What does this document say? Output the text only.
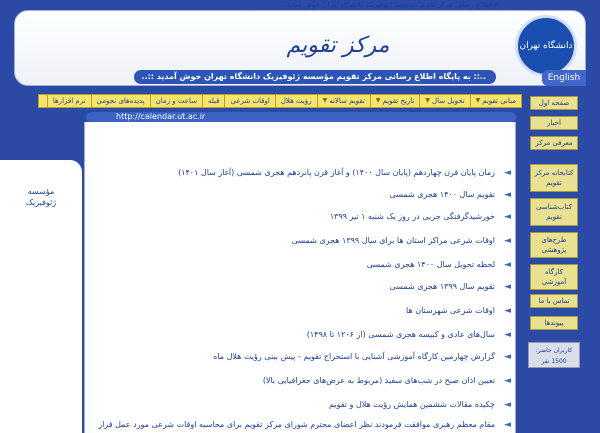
٥ اطلاع رسانی مرکز تقویم مؤسسه ژئوفیزیک دانشگاه تهران خوش آمدید ..
دانشگاه تهران
مرکز تقویم
..:: به پایگاه اطلاع رسانی مرکز تقویم مؤسسه ژئوفیزیک دانشگاه تهران خوش آمدید ::..	English
مبانی تقویم
▼
تحویل سال
▼
تاریخ تقویم
▼
تقویم سالانه
▼
رؤیت هلال
اوقات شرعی
قبله
ساعت و زمان
پدیده‌های نجومی
نرم افزارها
http://calendar.ut.ac.ir
◄
زمان پایان قرن چهاردهم (پایان سال ۱۴۰۰) و آغاز قرن پانزدهم هجری شمسی (آغاز سال ۱۴۰۱)
◄
تقویم سال ۱۴۰۰ هجری شمسی
◄
خورشیدگرفتگی جزیی در روز یک شنبه ۱ تیر ۱۳۹۹
◄
اوقات شرعی مراکز استان ها برای سال ۱۳۹۹ هجری شمسی
◄
لحظه تحویل سال ۱۴۰۰ هجری شمسی
◄
تقویم سال ۱۳۹۹ هجری شمسی
◄
اوقات شرعی شهرستان ها
◄
سال‌های عادی و کبیسه هجری شمسی (از ۱۲۰۶ تا ۱۴۹۸)
◄
گزارش چهارمین کارگاه آموزشی آشنایی با استخراج تقویم - پیش بینی رؤیت هلال ماه
◄
تعیین اذان صبح در شب‌های سفید (مربوط به عرض‌های جغرافیایی بالا)
◄
چکیده مقالات ششمین همایش رؤیت هلال و تقویم
◄
مقام معظم رهبری موافقت فرمودند نظر اعضای محترم شورای مرکز تقویم برای محاسبه اوقات شرعی مورد عمل قرار
مؤسسه ژئوفیزیک
صفحه اول
اخبار
معرفی مرکز
کتابخانه مرکز تقویم
کتاب‌شناسی تقویم
طرح‌های پژوهشی
کارگاه آموزشی
تماس با ما
پیوندها
کاربران حاضر:
1500 نفر
